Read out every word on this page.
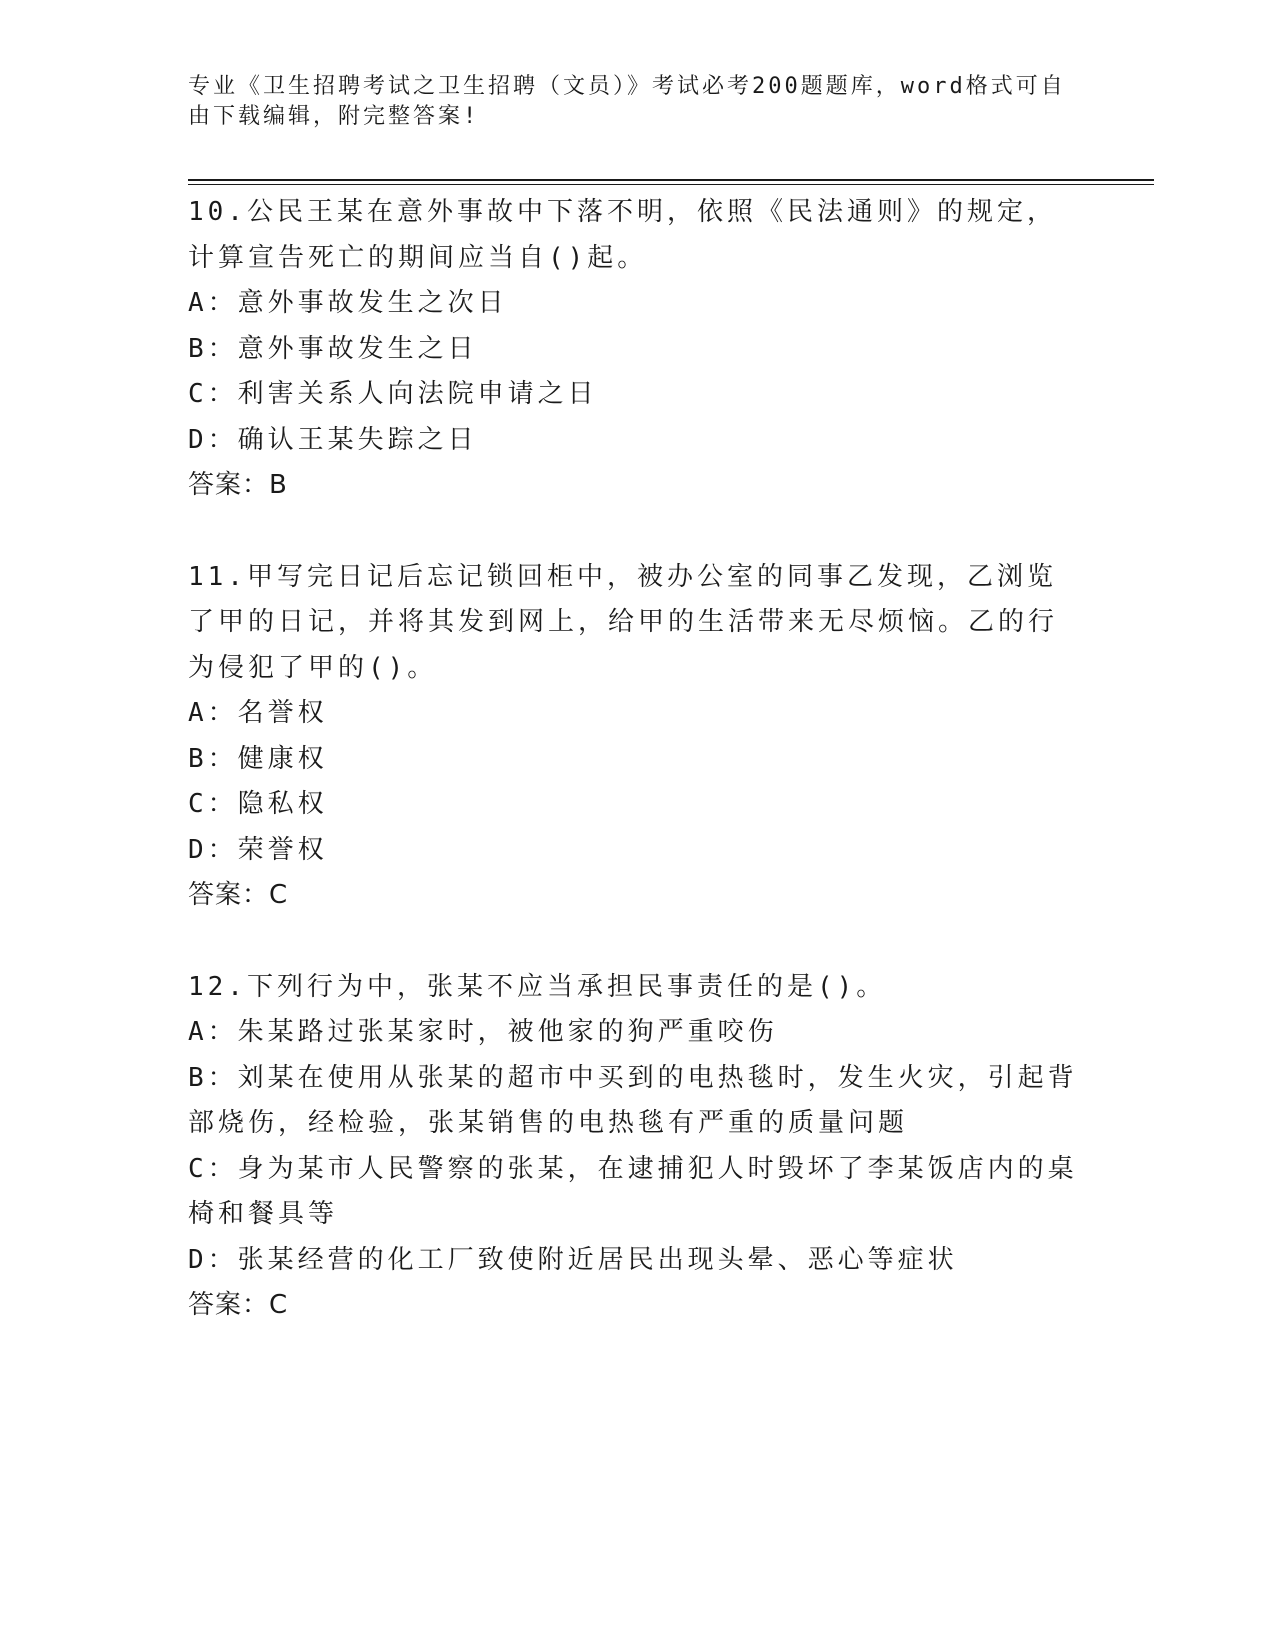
专业《卫生招聘考试之卫生招聘（文员）》考试必考200题题库，word格式可自
由下载编辑，附完整答案!

10.公民王某在意外事故中下落不明，依照《民法通则》的规定，计算宣告死亡的期间应当自()起。

A：意外事故发生之次日

B：意外事故发生之日

C：利害关系人向法院申请之日

D：确认王某失踪之日

答案：B

11.甲写完日记后忘记锁回柜中，被办公室的同事乙发现，乙浏览了甲的日记，并将其发到网上，给甲的生活带来无尽烦恼。乙的行为侵犯了甲的()。

A：名誉权

B：健康权

C：隐私权

D：荣誉权

答案：C

12.下列行为中，张某不应当承担民事责任的是()。

A：朱某路过张某家时，被他家的狗严重咬伤

B：刘某在使用从张某的超市中买到的电热毯时，发生火灾，引起背部烧伤，经检验，张某销售的电热毯有严重的质量问题

C：身为某市人民警察的张某，在逮捕犯人时毁坏了李某饭店内的桌椅和餐具等

D：张某经营的化工厂致使附近居民出现头晕、恶心等症状

答案：C
